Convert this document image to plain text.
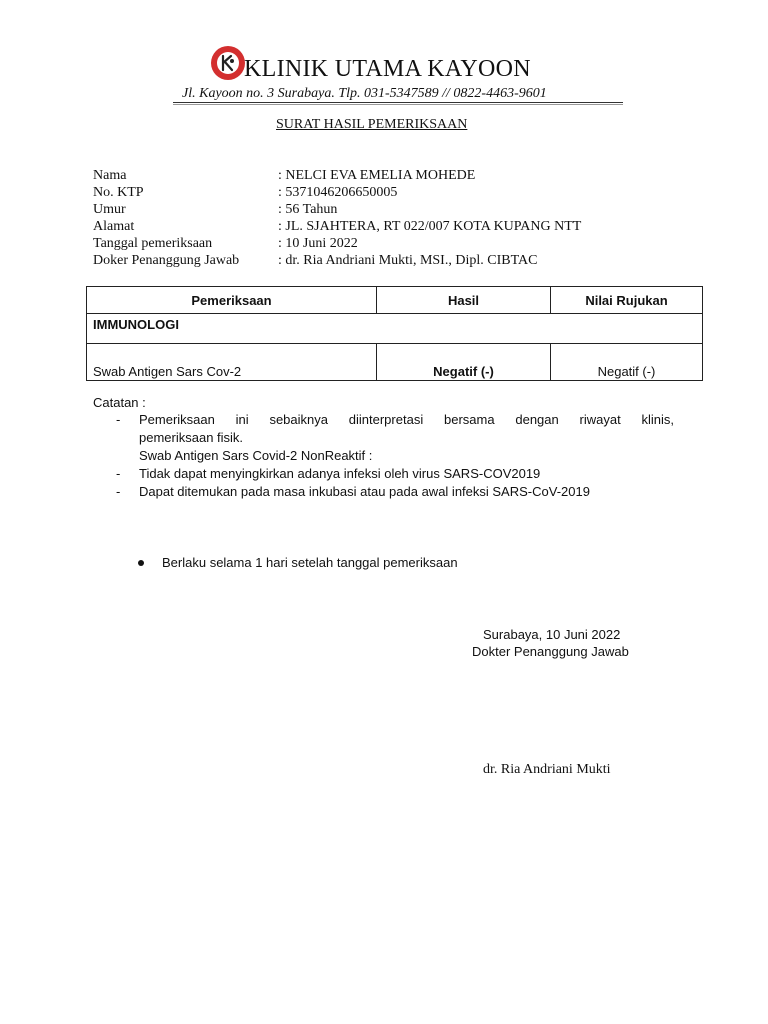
KLINIK UTAMA KAYOON
Jl. Kayoon no. 3 Surabaya. Tlp. 031-5347589 // 0822-4463-9601
SURAT HASIL PEMERIKSAAN
Nama	: NELCI EVA EMELIA MOHEDE
No. KTP	: 5371046206650005
Umur	: 56 Tahun
Alamat	: JL. SJAHTERA, RT 022/007 KOTA KUPANG NTT
Tanggal pemeriksaan	: 10 Juni 2022
Doker Penanggung Jawab	: dr. Ria Andriani Mukti, MSI., Dipl. CIBTAC
Pemeriksaan	Hasil	Nilai Rujukan
IMMUNOLOGI		
Swab Antigen Sars Cov-2	Negatif (-)	Negatif (-)
Catatan :
- Pemeriksaan ini sebaiknya diinterpretasi bersama dengan riwayat klinis,
pemeriksaan fisik.
Swab Antigen Sars Covid-2 NonReaktif :
- Tidak dapat menyingkirkan adanya infeksi oleh virus SARS-COV2019
- Dapat ditemukan pada masa inkubasi atau pada awal infeksi SARS-CoV-2019
Berlaku selama 1 hari setelah tanggal pemeriksaan
Surabaya, 10 Juni 2022
Dokter Penanggung Jawab
dr. Ria Andriani Mukti
